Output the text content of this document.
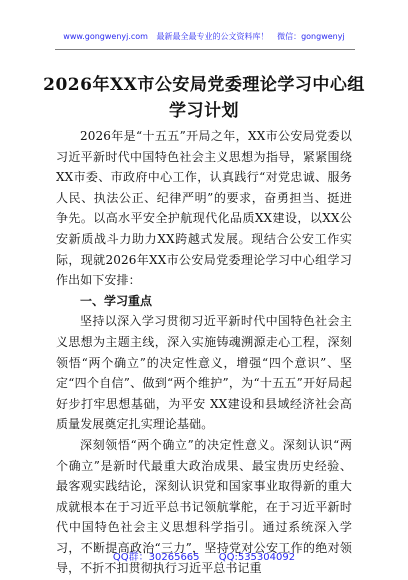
www.gongwenyj.com 最新最全最专业的公文资料库！ 微信：gongwenyj
2026年XX市公安局党委理论学习中心组
学习计划

2026年是“十五五”开局之年，XX市公安局党委以习近平新时代中国特色社会主义思想为指导，紧紧围绕XX市委、市政府中心工作，认真践行“对党忠诚、服务人民、执法公正、纪律严明”的要求，奋勇担当、挺进争先。以高水平安全护航现代化品质XX建设，以XX公安新质战斗力助力XX跨越式发展。现结合公安工作实际，现就2026年XX市公安局党委理论学习中心组学习作出如下安排：

一、学习重点

坚持以深入学习贯彻习近平新时代中国特色社会主义思想为主题主线，深入实施铸魂溯源走心工程，深刻领悟“两个确立”的决定性意义，增强“四个意识”、坚定“四个自信”、做到“两个维护”，为“十五五”开好局起好步打牢思想基础，为平安 XX建设和县域经济社会高质量发展奠定扎实理论基础。

深刻领悟“两个确立”的决定性意义。深刻认识“两个确立”是新时代最重大政治成果、最宝贵历史经验、最客观实践结论，深刻认识党和国家事业取得新的重大成就根本在于习近平总书记领航掌舵，在于习近平新时代中国特色社会主义思想科学指引。通过系统深入学习，不断提高政治“三力”，坚持党对公安工作的绝对领导，不折不扣贯彻执行习近平总书记重

QQ群：30265665 QQ:535304092
